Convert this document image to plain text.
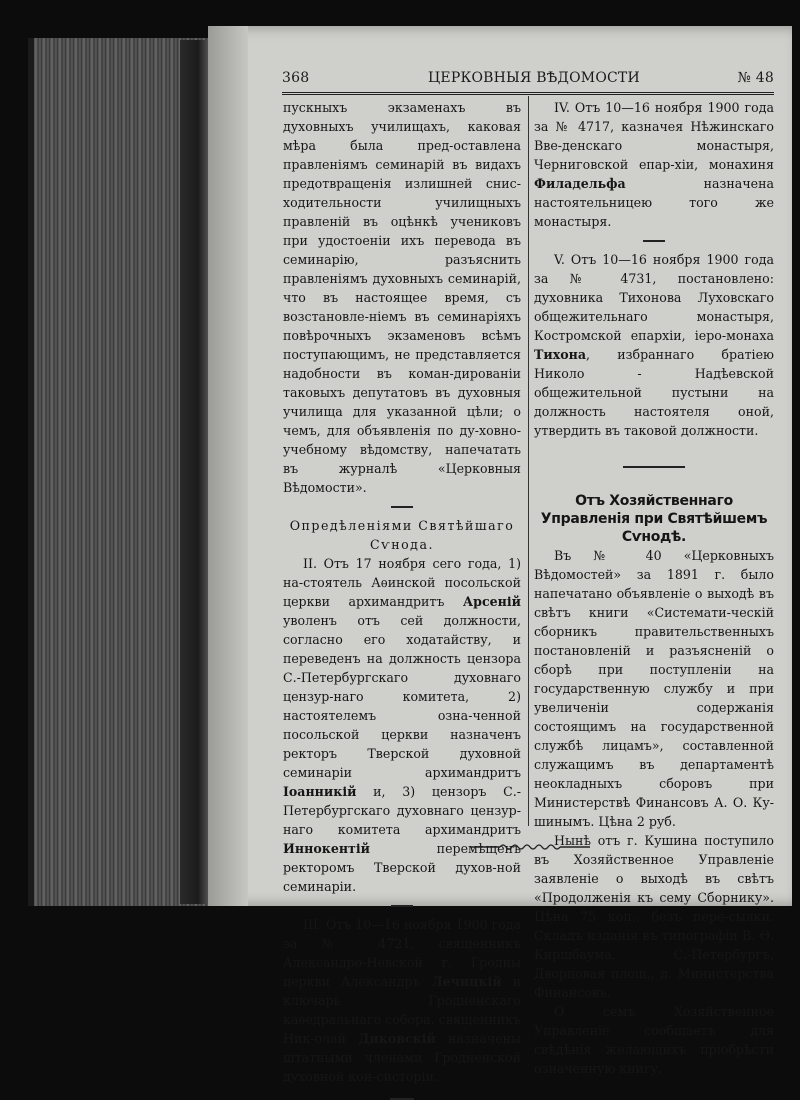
368	ЦЕРКОВНЫЯ ВѢДОМОСТИ	№ 48

пускныхъ экзаменахъ въ духовныхъ училищахъ, каковая мѣра была пред-оставлена правленіямъ семинарій въ видахъ предотвращенія излишней снис-ходительности училищныхъ правленій въ оцѣнкѣ учениковъ при удостоеніи ихъ перевода въ семинарію, разъяснить правленіямъ духовныхъ семинарій, что въ настоящее время, съ возстановле-ніемъ въ семинаріяхъ повѣрочныхъ экзаменовъ всѣмъ поступающимъ, не представляется надобности въ коман-дированіи таковыхъ депутатовъ въ духовныя училища для указанной цѣли; о чемъ, для объявленія по ду-ховно-учебному вѣдомству, напечатать въ журналѣ «Церковныя Вѣдомости».

Опредѣленіями Святѣйшаго Сѵнода.

II. Отъ 17 ноября сего года, 1) на-стоятель Аѳинской посольской церкви архимандритъ Арсеній уволенъ отъ сей должности, согласно его ходатайству, и переведенъ на должность цензора С.-Петербургскаго духовнаго цензур-наго комитета, 2) настоятелемъ озна-ченной посольской церкви назначенъ ректоръ Тверской духовной семинаріи архимандритъ Іоанникій и, 3) цензоръ С.-Петербургскаго духовнаго цензур-наго комитета архимандритъ Иннокентій перемѣщенъ ректоромъ Тверской духов-ной семинаріи.

III. Отъ 10—16 ноября 1900 года за № 4721, священникъ Александро-Невской г. Гродны церкви Александръ Лечицкій и ключарь Гродненскаго каѳедральнаго собора, священникъ Ник-олай Диковскій назначены штатными членами Гродненской духовной кон-систоріи.

IV. Отъ 10—16 ноября 1900 года за № 4717, казначея Нѣжинскаго Вве-денскаго монастыря, Черниговской епар-хіи, монахиня Филадельфа назначена настоятельницею того же монастыря.

V. Отъ 10—16 ноября 1900 года за № 4731, постановлено: духовника Тихонова Луховскаго общежительнаго монастыря, Костромской епархіи, іеро-монаха Тихона, избраннаго братіею Николо - Надѣевской общежительной пустыни на должность настоятеля оной, утвердить въ таковой должности.

Отъ Хозяйственнаго Управленія при Святѣйшемъ Сѵнодѣ.

Въ № 40 «Церковныхъ Вѣдомостей» за 1891 г. было напечатано объявленіе о выходѣ въ свѣтъ книги «Системати-ческій сборникъ правительственныхъ постановленій и разъясненій о сборѣ при поступленіи на государственную службу и при увеличеніи содержанія состоящимъ на государственной службѣ лицамъ», составленной служащимъ въ департаментѣ неокладныхъ сборовъ при Министерствѣ Финансовъ А. О. Ку-шинымъ. Цѣна 2 руб.

Нынѣ отъ г. Кушина поступило въ Хозяйственное Управленіе заявленіе о выходѣ въ свѣтъ «Продолженія къ сему Сборнику». Цѣна 75 коп., безъ пере-сылки. Складъ изданія въ типографіи В. Ѳ. Киршбаума, С.-Петербургъ, Дворцовая площ., д. Министерства Финансовъ.

О семъ Хозяйственное Управленіе сообщаетъ для свѣдѣнія желающихъ пріобрѣсти означенную книгу.
